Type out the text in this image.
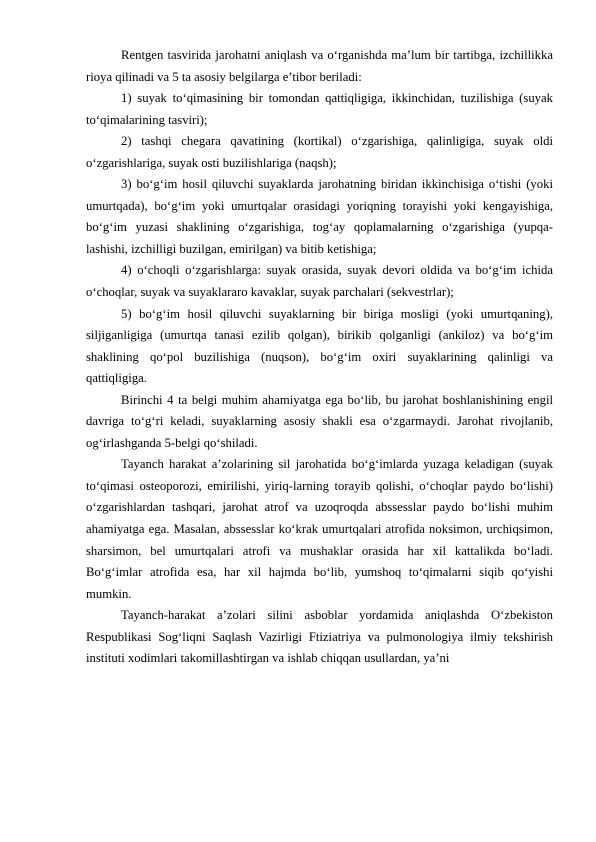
Rentgen tasvirida jarohatni aniqlash va o‘rganishda ma’lum bir tartibga, izchillikka rioya qilinadi va 5 ta asosiy belgilarga e’tibor beriladi:

1) suyak to‘qimasining bir tomondan qattiqligiga, ikkinchidan, tuzilishiga (suyak to‘qimalarining tasviri);

2) tashqi chegara qavatining (kortikal) o‘zgarishiga, qalinligiga, suyak oldi o‘zgarishlariga, suyak osti buzilishlariga (naqsh);

3) bo‘g‘im hosil qiluvchi suyaklarda jarohatning biridan ikkinchisiga o‘tishi (yoki umurtqada), bo‘g‘im yoki umurtqalar orasidagi yoriqning torayishi yoki kengayishiga, bo‘g‘im yuzasi shaklining o‘zgarishiga, tog‘ay qoplamalarning o‘zgarishiga (yupqa-lashishi, izchilligi buzilgan, emirilgan) va bitib ketishiga;

4) o‘choqli o‘zgarishlarga: suyak orasida, suyak devori oldida va bo‘g‘im ichida o‘choqlar, suyak va suyaklararo kavaklar, suyak parchalari (sekvestrlar);

5) bo‘g‘im hosil qiluvchi suyaklarning bir biriga mosligi (yoki umurtqaning), siljiganligiga (umurtqa tanasi ezilib qolgan), birikib qolganligi (ankiloz) va bo‘g‘im shaklining qo‘pol buzilishiga (nuqson), bo‘g‘im oxiri suyaklarining qalinligi va qattiqligiga.

Birinchi 4 ta belgi muhim ahamiyatga ega bo‘lib, bu jarohat boshlanishining engil davriga to‘g‘ri keladi, suyaklarning asosiy shakli esa o‘zgarmaydi. Jarohat rivojlanib, og‘irlashganda 5-belgi qo‘shiladi.

Tayanch harakat a’zolarining sil jarohatida bo‘g‘imlarda yuzaga keladigan (suyak to‘qimasi osteoporozi, emirilishi, yiriq-larning torayib qolishi, o‘choqlar paydo bo‘lishi) o‘zgarishlardan tashqari, jarohat atrof va uzoqroqda abssesslar paydo bo‘lishi muhim ahamiyatga ega. Masalan, abssesslar ko‘krak umurtqalari atrofida noksimon, urchiqsimon, sharsimon, bel umurtqalari atrofi va mushaklar orasida har xil kattalikda bo‘ladi. Bo‘g‘imlar atrofida esa, har xil hajmda bo‘lib, yumshoq to‘qimalarni siqib qo‘yishi mumkin.

Tayanch-harakat a’zolari silini asboblar yordamida aniqlashda O‘zbekiston Respublikasi Sog‘liqni Saqlash Vazirligi Ftiziatriya va pulmonologiya ilmiy tekshirish instituti xodimlari takomillashtirgan va ishlab chiqqan usullardan, ya’ni
